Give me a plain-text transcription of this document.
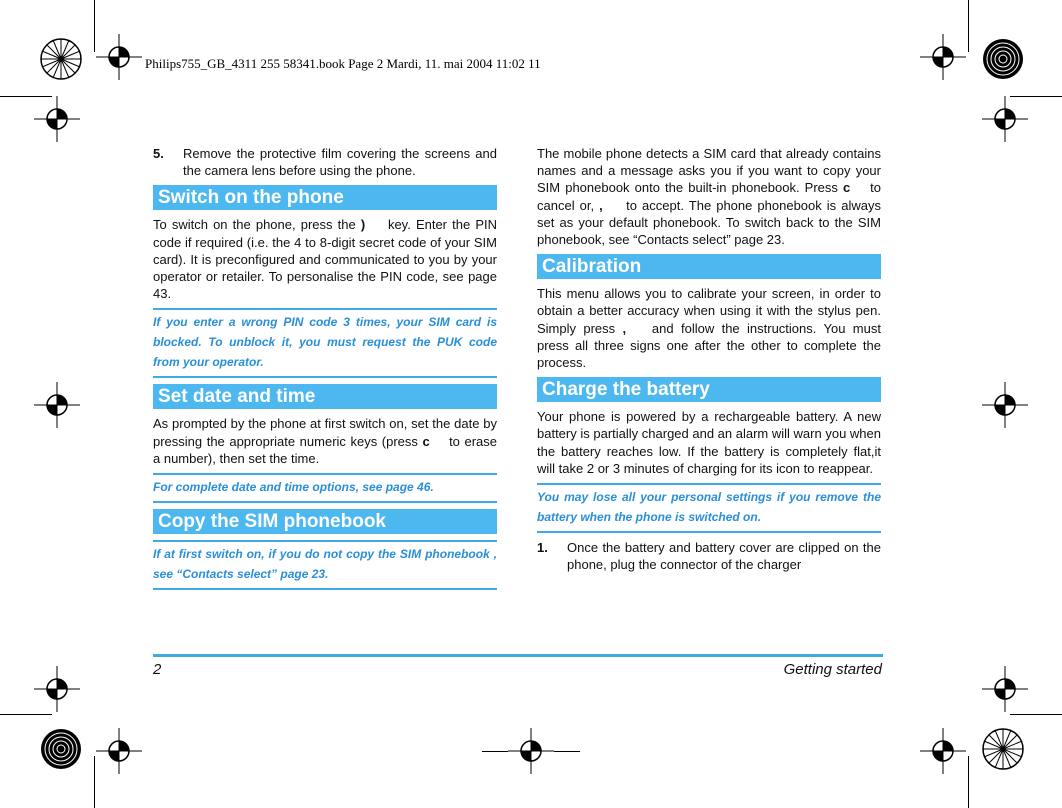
Philips755_GB_4311 255 58341.book Page 2 Mardi, 11. mai 2004 11:02 11
5.	Remove the protective film covering the screens and the camera lens before using the phone.
Switch on the phone

To switch on the phone, press the ) key. Enter the PIN code if required (i.e. the 4 to 8-digit secret code of your SIM card). It is preconfigured and communicated to you by your operator or retailer. To personalise the PIN code, see page 43.

If you enter a wrong PIN code 3 times, your SIM card is blocked. To unblock it, you must request the PUK code from your operator.
Set date and time

As prompted by the phone at first switch on, set the date by pressing the appropriate numeric keys (press c to erase a number), then set the time.

For complete date and time options, see page 46.
Copy the SIM phonebook
If at first switch on, if you do not copy the SIM phonebook , see “Contacts select” page 23.

The mobile phone detects a SIM card that already contains names and a message asks you if you want to copy your SIM phonebook onto the built-in phonebook. Press c to cancel or, , to accept. The phone phonebook is always set as your default phonebook. To switch back to the SIM phonebook, see “Contacts select” page 23.

Calibration

This menu allows you to calibrate your screen, in order to obtain a better accuracy when using it with the stylus pen. Simply press , and follow the instructions. You must press all three signs one after the other to complete the process.

Charge the battery

Your phone is powered by a rechargeable battery. A new battery is partially charged and an alarm will warn you when the battery reaches low. If the battery is completely flat,it will take 2 or 3 minutes of charging for its icon to reappear.

You may lose all your personal settings if you remove the battery when the phone is switched on.
1.	Once the battery and battery cover are clipped on the phone, plug the connector of the charger
2	Getting started
